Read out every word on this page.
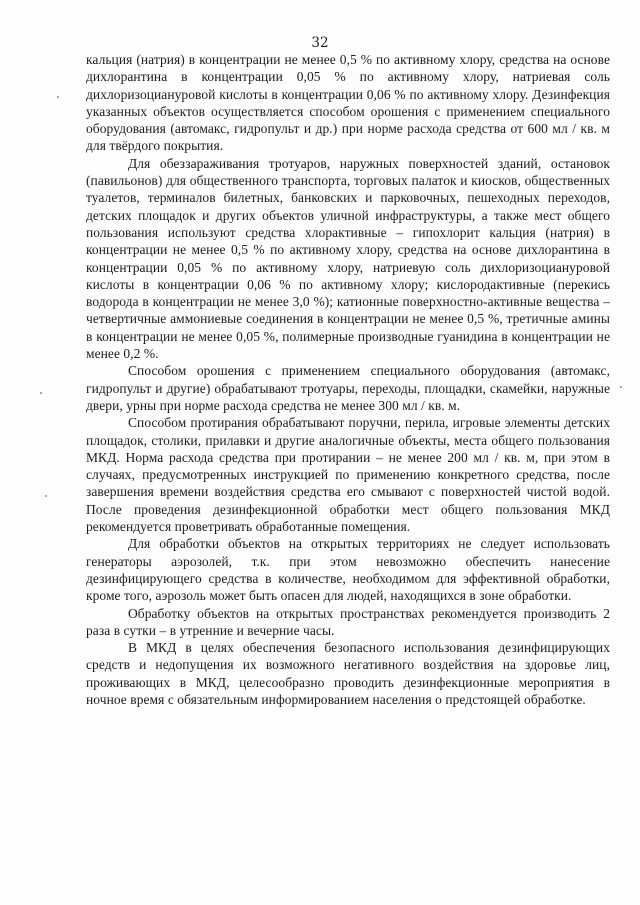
32

кальция (натрия) в концентрации не менее 0,5 % по активному хлору, средства на основе дихлорантина в концентрации 0,05 % по активному хлору, натриевая соль дихлоризоциануровой кислоты в концентрации 0,06 % по активному хлору. Дезинфекция указанных объектов осуществляется способом орошения с применением специального оборудования (автомакс, гидропульт и др.) при норме расхода средства от 600 мл / кв. м для твёрдого покрытия.

Для обеззараживания тротуаров, наружных поверхностей зданий, остановок (павильонов) для общественного транспорта, торговых палаток и киосков, общественных туалетов, терминалов билетных, банковских и парковочных, пешеходных переходов, детских площадок и других объектов уличной инфраструктуры, а также мест общего пользования используют средства хлорактивные – гипохлорит кальция (натрия) в концентрации не менее 0,5 % по активному хлору, средства на основе дихлорантина в концентрации 0,05 % по активному хлору, натриевую соль дихлоризоциануровой кислоты в концентрации 0,06 % по активному хлору; кислородактивные (перекись водорода в концентрации не менее 3,0 %); катионные поверхностно-активные вещества – четвертичные аммониевые соединения в концентрации не менее 0,5 %, третичные амины в концентрации не менее 0,05 %, полимерные производные гуанидина в концентрации не менее 0,2 %.

Способом орошения с применением специального оборудования (автомакс, гидропульт и другие) обрабатывают тротуары, переходы, площадки, скамейки, наружные двери, урны при норме расхода средства не менее 300 мл / кв. м.

Способом протирания обрабатывают поручни, перила, игровые элементы детских площадок, столики, прилавки и другие аналогичные объекты, места общего пользования МКД. Норма расхода средства при протирании – не менее 200 мл / кв. м, при этом в случаях, предусмотренных инструкцией по применению конкретного средства, после завершения времени воздействия средства его смывают с поверхностей чистой водой. После проведения дезинфекционной обработки мест общего пользования МКД рекомендуется проветривать обработанные помещения.

Для обработки объектов на открытых территориях не следует использовать генераторы аэрозолей, т.к. при этом невозможно обеспечить нанесение дезинфицирующего средства в количестве, необходимом для эффективной обработки, кроме того, аэрозоль может быть опасен для людей, находящихся в зоне обработки.

Обработку объектов на открытых пространствах рекомендуется производить 2 раза в сутки – в утренние и вечерние часы.

В МКД в целях обеспечения безопасного использования дезинфицирующих средств и недопущения их возможного негативного воздействия на здоровье лиц, проживающих в МКД, целесообразно проводить дезинфекционные мероприятия в ночное время с обязательным информированием населения о предстоящей обработке.
